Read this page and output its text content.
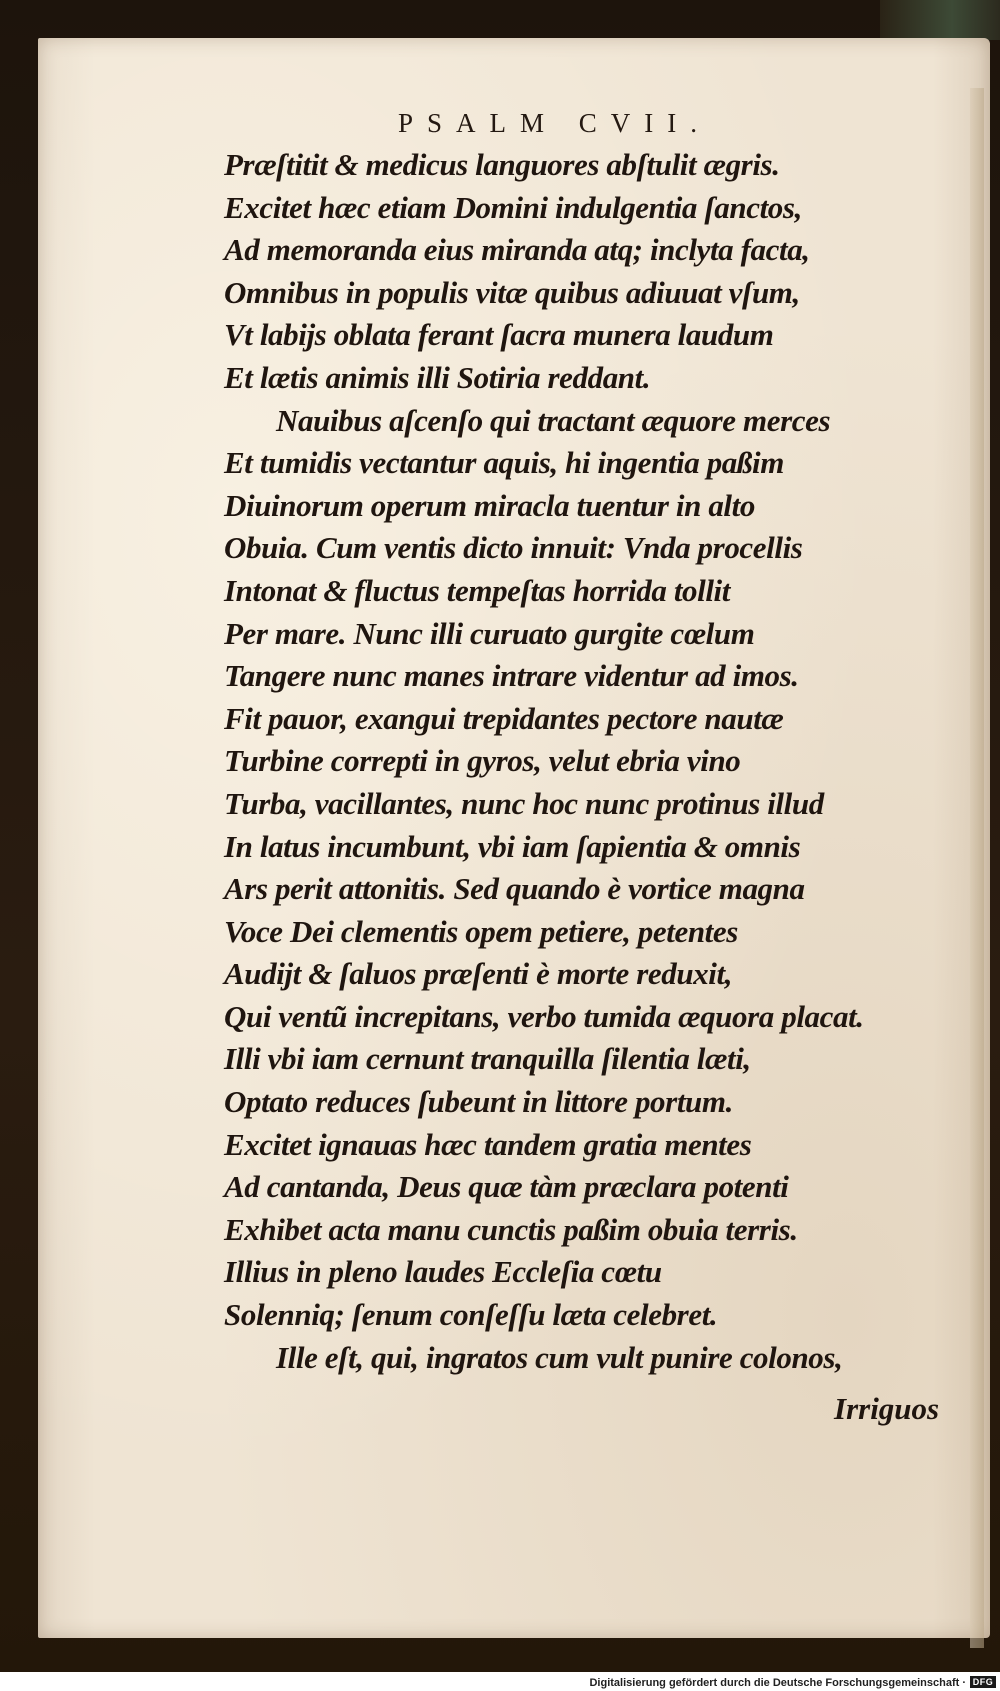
PSALM CVII.
Præſtitit & medicus languores abſtulit ægris.
Excitet hæc etiam Domini indulgentia ſanctos,
Ad memoranda eius miranda atq; inclyta facta,
Omnibus in populis vitæ quibus adiuuat vſum,
Vt labijs oblata ferant ſacra munera laudum
Et lætis animis illi Sotiria reddant.
Nauibus aſcenſo qui tractant æquore merces
Et tumidis vectantur aquis, hi ingentia paßim
Diuinorum operum miracla tuentur in alto
Obuia. Cum ventis dicto innuit: Vnda procellis
Intonat & fluctus tempeſtas horrida tollit
Per mare. Nunc illi curuato gurgite cœlum
Tangere nunc manes intrare videntur ad imos.
Fit pauor, exangui trepidantes pectore nautæ
Turbine correpti in gyros, velut ebria vino
Turba, vacillantes, nunc hoc nunc protinus illud
In latus incumbunt, vbi iam ſapientia & omnis
Ars perit attonitis. Sed quando è vortice magna
Voce Dei clementis opem petiere, petentes
Audijt & ſaluos præſenti è morte reduxit,
Qui ventũ increpitans, verbo tumida æquora placat.
Illi vbi iam cernunt tranquilla ſilentia læti,
Optato reduces ſubeunt in littore portum.
Excitet ignauas hæc tandem gratia mentes
Ad cantanda, Deus quæ tàm præclara potenti
Exhibet acta manu cunctis paßim obuia terris.
Illius in pleno laudes Eccleſia cœtu
Solenniq; ſenum conſeſſu læta celebret.
Ille eſt, qui, ingratos cum vult punire colonos,
Irriguos
Digitalisierung gefördert durch die Deutsche Forschungsgemeinschaft · DFG
